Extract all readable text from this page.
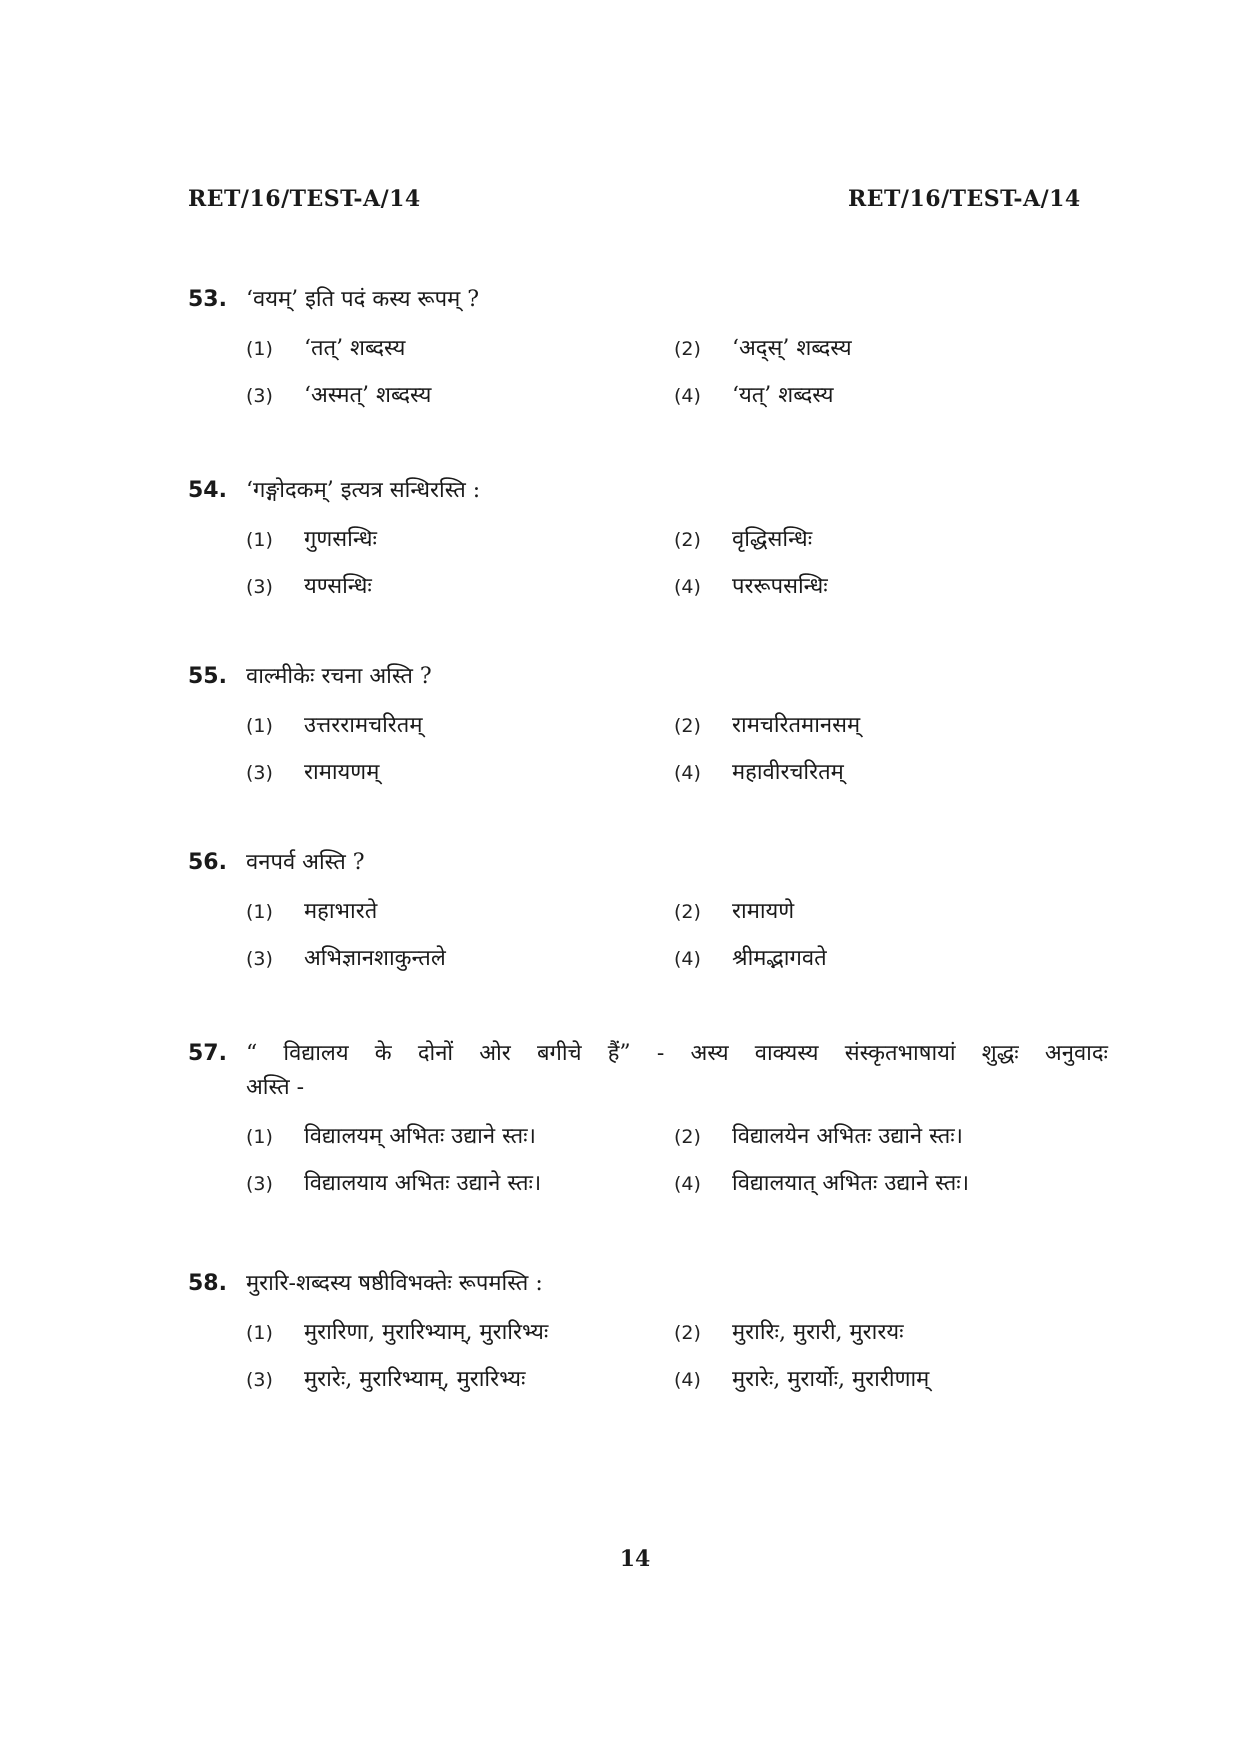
RET/16/TEST-A/14	RET/16/TEST-A/14
53. ‘वयम्’ इति पदं कस्य रूपम् ?
(1)	‘तत्’ शब्दस्य	(2)	‘अद्स्’ शब्दस्य
(3)	‘अस्मत्’ शब्दस्य	(4)	‘यत्’ शब्दस्य
54. ‘गङ्गोदकम्’ इत्यत्र सन्धिरस्ति :
(1)	गुणसन्धिः	(2)	वृद्धिसन्धिः
(3)	यण्सन्धिः	(4)	पररूपसन्धिः
55. वाल्मीकेः रचना अस्ति ?
(1)	उत्तररामचरितम्	(2)	रामचरितमानसम्
(3)	रामायणम्	(4)	महावीरचरितम्
56. वनपर्व अस्ति ?
(1)	महाभारते	(2)	रामायणे
(3)	अभिज्ञानशाकुन्तले	(4)	श्रीमद्भागवते
57. “ विद्यालय के दोनों ओर बगीचे हैं” - अस्य वाक्यस्य संस्कृतभाषायां शुद्धः अनुवादः
अस्ति -
(1)	विद्यालयम् अभितः उद्याने स्तः।	(2)	विद्यालयेन अभितः उद्याने स्तः।
(3)	विद्यालयाय अभितः उद्याने स्तः।	(4)	विद्यालयात् अभितः उद्याने स्तः।
58. मुरारि-शब्दस्य षष्ठीविभक्तेः रूपमस्ति :
(1)	मुरारिणा, मुरारिभ्याम्, मुरारिभ्यः	(2)	मुरारिः, मुरारी, मुरारयः
(3)	मुरारेः, मुरारिभ्याम्, मुरारिभ्यः	(4)	मुरारेः, मुरार्योः, मुरारीणाम्
14
